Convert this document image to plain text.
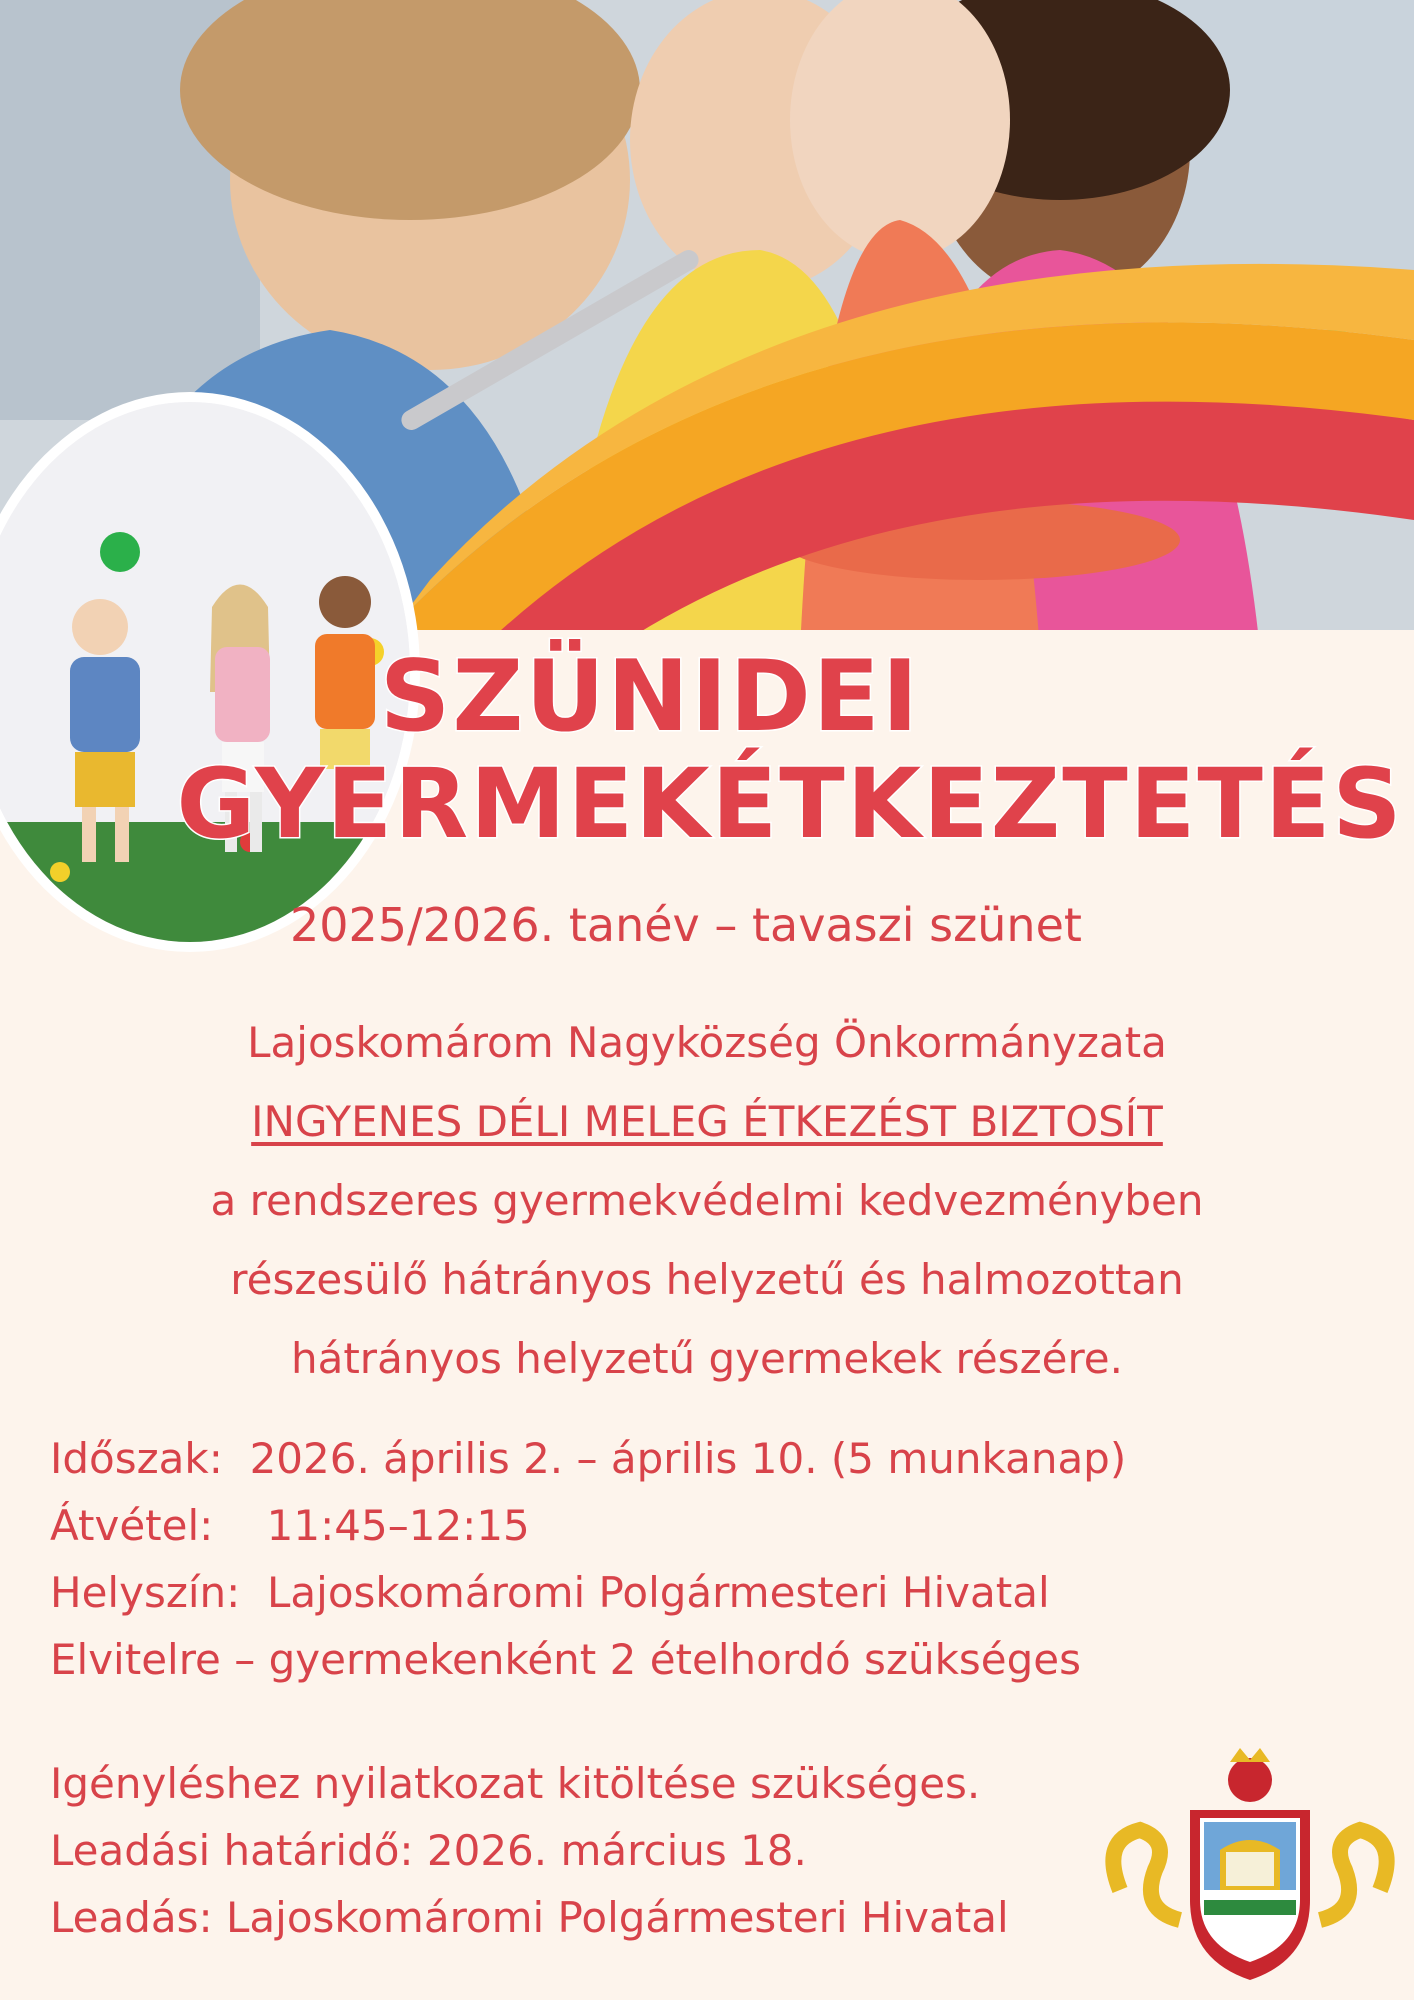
SZÜNIDEI
GYERMEKÉTKEZTETÉS
2025/2026. tanév – tavaszi szünet
Lajoskomárom Nagyközség Önkormányzata
INGYENES DÉLI MELEG ÉTKEZÉST BIZTOSÍT
a rendszeres gyermekvédelmi kedvezményben
részesülő hátrányos helyzetű és halmozottan
hátrányos helyzetű gyermekek részére.
Időszak:  2026. április 2. – április 10. (5 munkanap)
Átvétel:    11:45–12:15
Helyszín:  Lajoskomáromi Polgármesteri Hivatal
Elvitelre – gyermekenként 2 ételhordó szükséges
Igényléshez nyilatkozat kitöltése szükséges.
Leadási határidő: 2026. március 18.
Leadás: Lajoskomáromi Polgármesteri Hivatal
